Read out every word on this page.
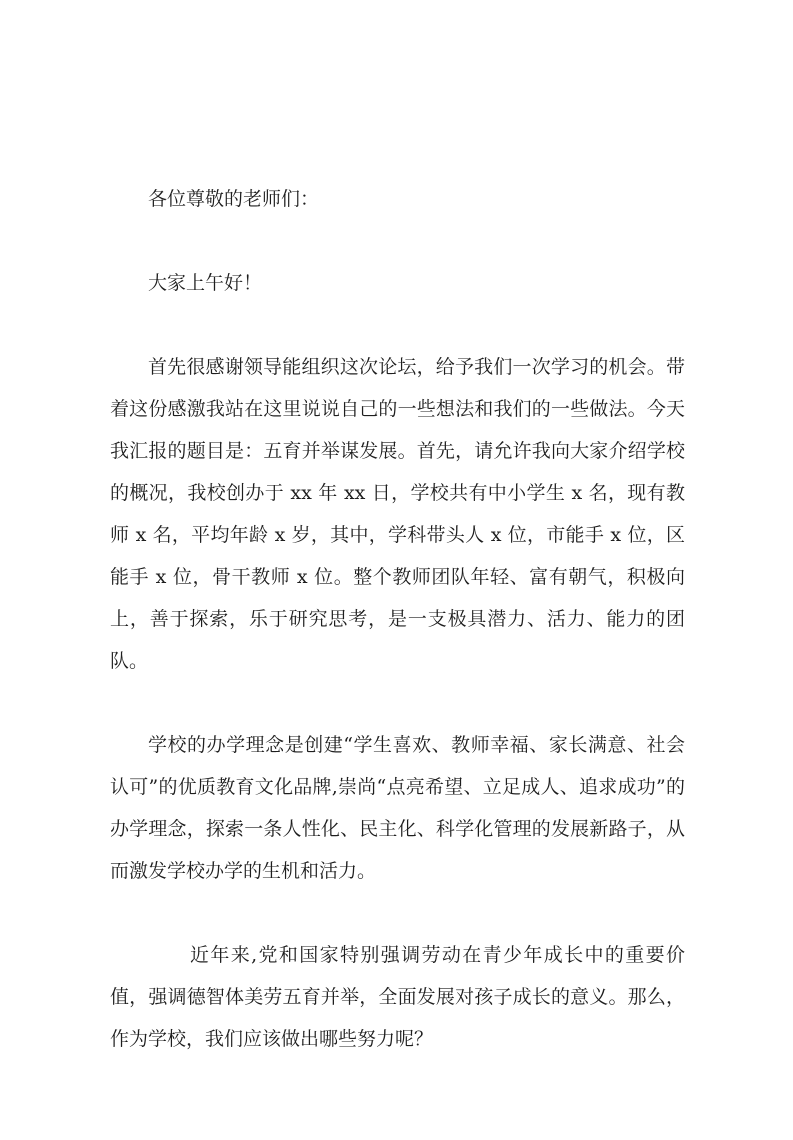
各位尊敬的老师们：

大家上午好！

首先很感谢领导能组织这次论坛，给予我们一次学习的机会。带着这份感激我站在这里说说自己的一些想法和我们的一些做法。今天我汇报的题目是：五育并举谋发展。首先，请允许我向大家介绍学校的概况，我校创办于 xx 年 xx 日，学校共有中小学生 x 名，现有教师 x 名，平均年龄 x 岁，其中，学科带头人 x 位，市能手 x 位，区能手 x 位，骨干教师 x 位。整个教师团队年轻、富有朝气，积极向上，善于探索，乐于研究思考，是一支极具潜力、活力、能力的团队。

学校的办学理念是创建“学生喜欢、教师幸福、家长满意、社会认可”的优质教育文化品牌,崇尚“点亮希望、立足成人、追求成功”的办学理念，探索一条人性化、民主化、科学化管理的发展新路子，从而激发学校办学的生机和活力。

近年来,党和国家特别强调劳动在青少年成长中的重要价值，强调德智体美劳五育并举，全面发展对孩子成长的意义。那么，作为学校，我们应该做出哪些努力呢？
